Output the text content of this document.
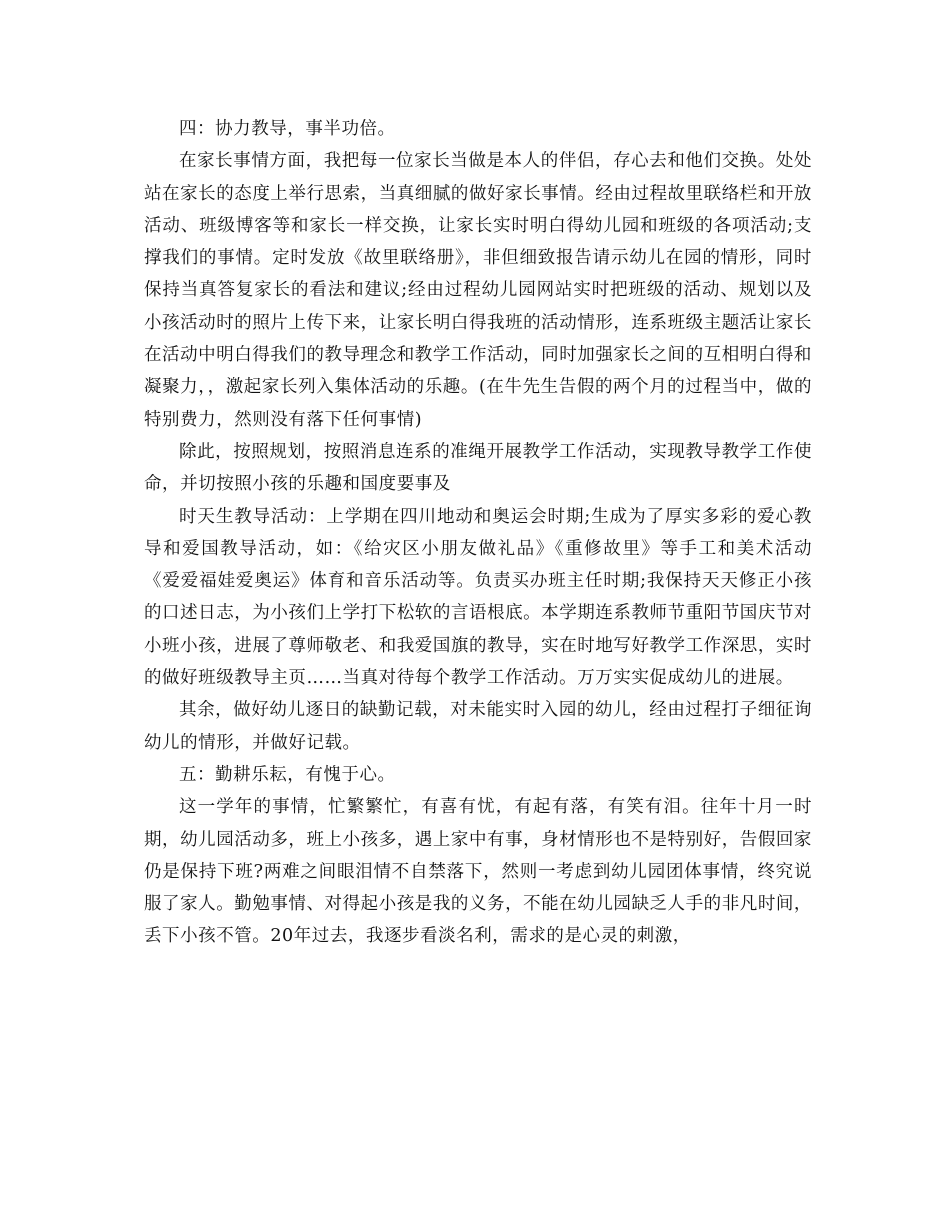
四：协力教导，事半功倍。

在家长事情方面，我把每一位家长当做是本人的伴侣，存心去和他们交换。处处站在家长的态度上举行思索，当真细腻的做好家长事情。经由过程故里联络栏和开放活动、班级博客等和家长一样交换，让家长实时明白得幼儿园和班级的各项活动;支撑我们的事情。定时发放《故里联络册》，非但细致报告请示幼儿在园的情形，同时保持当真答复家长的看法和建议;经由过程幼儿园网站实时把班级的活动、规划以及小孩活动时的照片上传下来，让家长明白得我班的活动情形，连系班级主题活让家长在活动中明白得我们的教导理念和教学工作活动，同时加强家长之间的互相明白得和凝聚力，，激起家长列入集体活动的乐趣。(在牛先生告假的两个月的过程当中，做的特别费力，然则没有落下任何事情)

除此，按照规划，按照消息连系的准绳开展教学工作活动，实现教导教学工作使命，并切按照小孩的乐趣和国度要事及

时天生教导活动：上学期在四川地动和奥运会时期;生成为了厚实多彩的爱心教导和爱国教导活动，如：《给灾区小朋友做礼品》《重修故里》等手工和美术活动《爱爱福娃爱奥运》体育和音乐活动等。负责买办班主任时期;我保持天天修正小孩的口述日志，为小孩们上学打下松软的言语根底。本学期连系教师节重阳节国庆节对小班小孩，进展了尊师敬老、和我爱国旗的教导，实在时地写好教学工作深思，实时的做好班级教导主页……当真对待每个教学工作活动。万万实实促成幼儿的进展。

其余，做好幼儿逐日的缺勤记载，对未能实时入园的幼儿，经由过程打子细征询幼儿的情形，并做好记载。

五：勤耕乐耘，有愧于心。

这一学年的事情，忙繁繁忙，有喜有忧，有起有落，有笑有泪。往年十月一时期，幼儿园活动多，班上小孩多，遇上家中有事，身材情形也不是特别好，告假回家仍是保持下班?两难之间眼泪情不自禁落下，然则一考虑到幼儿园团体事情，终究说服了家人。勤勉事情、对得起小孩是我的义务，不能在幼儿园缺乏人手的非凡时间，丢下小孩不管。20年过去，我逐步看淡名利，需求的是心灵的刺激，
